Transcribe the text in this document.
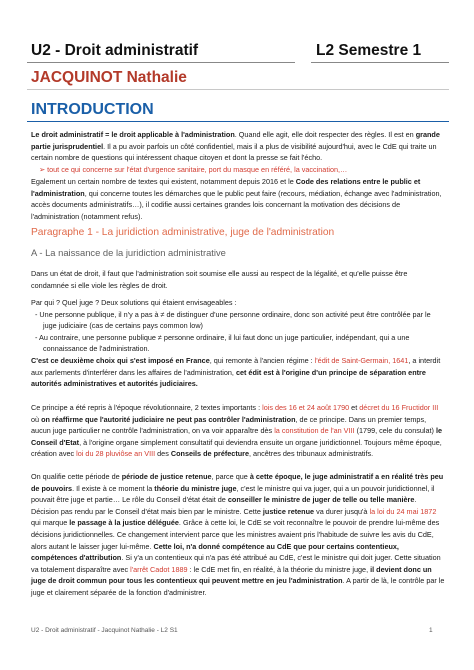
U2 - Droit administratif	L2 Semestre 1
JACQUINOT Nathalie
INTRODUCTION
Le droit administratif = le droit applicable à l'administration. Quand elle agit, elle doit respecter des règles. Il est en grande partie jurisprudentiel. Il a pu avoir parfois un côté confidentiel, mais il a plus de visibilité aujourd'hui, avec le CdE qui traite un certain nombre de questions qui intéressent chaque citoyen et dont la presse se fait l'écho.
➢ tout ce qui concerne sur l'état d'urgence sanitaire, port du masque en référé, la vaccination,…
Egalement un certain nombre de textes qui existent, notamment depuis 2016 et le Code des relations entre le public et l'administration, qui concerne toutes les démarches que le public peut faire (recours, médiation, échange avec l'administration, accès documents administratifs…), il codifie aussi certaines grandes lois concernant la motivation des décisions de l'administration (notamment refus).
Paragraphe 1 - La juridiction administrative, juge de l'administration
A - La naissance de la juridiction administrative
Dans un état de droit, il faut que l'administration soit soumise elle aussi au respect de la légalité, et qu'elle puisse être condamnée si elle viole les règles de droit.
Par qui ? Quel juge ? Deux solutions qui étaient envisageables :
- Une personne publique, il n'y a pas à ≠ de distinguer d'une personne ordinaire, donc son activité peut être contrôlée par le juge judiciaire (cas de certains pays common low)
- Au contraire, une personne publique ≠ personne ordinaire, il lui faut donc un juge particulier, indépendant, qui a une connaissance de l'administration.
C'est ce deuxième choix qui s'est imposé en France, qui remonte à l'ancien régime : l'édit de Saint-Germain, 1641, a interdit aux parlements d'interférer dans les affaires de l'administration, cet édit est à l'origine d'un principe de séparation entre autorités administratives et autorités judiciaires.
Ce principe a été repris à l'époque révolutionnaire, 2 textes importants : lois des 16 et 24 août 1790 et décret du 16 Fructidor III où on réaffirme que l'autorité judiciaire ne peut pas contrôler l'administration, de ce principe. Dans un premier temps, aucun juge particulier ne contrôle l'administration, on va voir apparaître dès la constitution de l'an VIII (1799, cele du consulat) le Conseil d'Etat, à l'origine organe simplement consultatif qui deviendra ensuite un organe juridictionnel. Toujours même époque, création avec loi du 28 pluviôse an VIII des Conseils de préfecture, ancêtres des tribunaux administratifs.
On qualifie cette période de période de justice retenue, parce que à cette époque, le juge administratif a en réalité très peu de pouvoirs. Il existe à ce moment la théorie du ministre juge, c'est le ministre qui va juger, qui a un pouvoir juridictionnel, il pouvait être juge et partie… Le rôle du Conseil d'état était de conseiller le ministre de juger de telle ou telle manière. Décision pas rendu par le Conseil d'état mais bien par le ministre. Cette justice retenue va durer jusqu'à la loi du 24 mai 1872 qui marque le passage à la justice déléguée. Grâce à cette loi, le CdE se voit reconnaître le pouvoir de prendre lui-même des décisions juridictionnelles. Ce changement intervient parce que les ministres avaient pris l'habitude de suivre les avis du CdE, alors autant le laisser juger lui-même. Cette loi, n'a donné compétence au CdE que pour certains contentieux, compétences d'attribution. Si y'a un contentieux qui n'a pas été attribué au CdE, c'est le ministre qui doit juger. Cette situation va totalement disparaître avec l'arrêt Cadot 1889 : le CdE met fin, en réalité, à la théorie du ministre juge, il devient donc un juge de droit commun pour tous les contentieux qui peuvent mettre en jeu l'administration. A partir de là, le contrôle par le juge et clairement séparée de la fonction d'administrer.
U2 - Droit administratif - Jacquinot Nathalie - L2 S1	1
